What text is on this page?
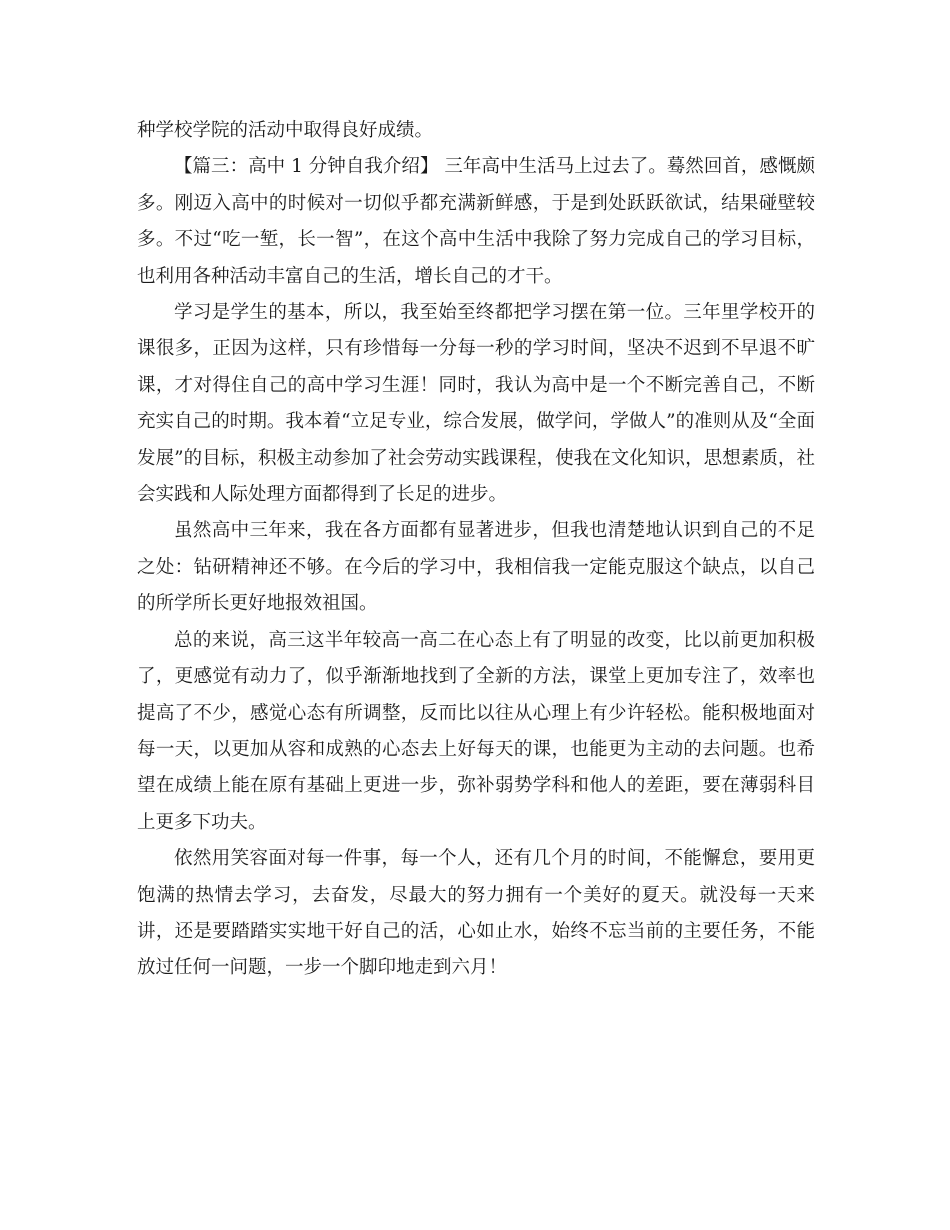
种学校学院的活动中取得良好成绩。

【篇三：高中 1 分钟自我介绍】 三年高中生活马上过去了。蓦然回首，感慨颇多。刚迈入高中的时候对一切似乎都充满新鲜感，于是到处跃跃欲试，结果碰壁较多。不过“吃一堑，长一智”，在这个高中生活中我除了努力完成自己的学习目标，也利用各种活动丰富自己的生活，增长自己的才干。

学习是学生的基本，所以，我至始至终都把学习摆在第一位。三年里学校开的课很多，正因为这样，只有珍惜每一分每一秒的学习时间，坚决不迟到不早退不旷课，才对得住自己的高中学习生涯！同时，我认为高中是一个不断完善自己，不断充实自己的时期。我本着“立足专业，综合发展，做学问，学做人”的准则从及“全面发展”的目标，积极主动参加了社会劳动实践课程，使我在文化知识，思想素质，社会实践和人际处理方面都得到了长足的进步。

虽然高中三年来，我在各方面都有显著进步，但我也清楚地认识到自己的不足之处：钻研精神还不够。在今后的学习中，我相信我一定能克服这个缺点，以自己的所学所长更好地报效祖国。

总的来说，高三这半年较高一高二在心态上有了明显的改变，比以前更加积极了，更感觉有动力了，似乎渐渐地找到了全新的方法，课堂上更加专注了，效率也提高了不少，感觉心态有所调整，反而比以往从心理上有少许轻松。能积极地面对每一天，以更加从容和成熟的心态去上好每天的课，也能更为主动的去问题。也希望在成绩上能在原有基础上更进一步，弥补弱势学科和他人的差距，要在薄弱科目上更多下功夫。

依然用笑容面对每一件事，每一个人，还有几个月的时间，不能懈怠，要用更饱满的热情去学习，去奋发，尽最大的努力拥有一个美好的夏天。就没每一天来讲，还是要踏踏实实地干好自己的活，心如止水，始终不忘当前的主要任务，不能放过任何一问题，一步一个脚印地走到六月！
